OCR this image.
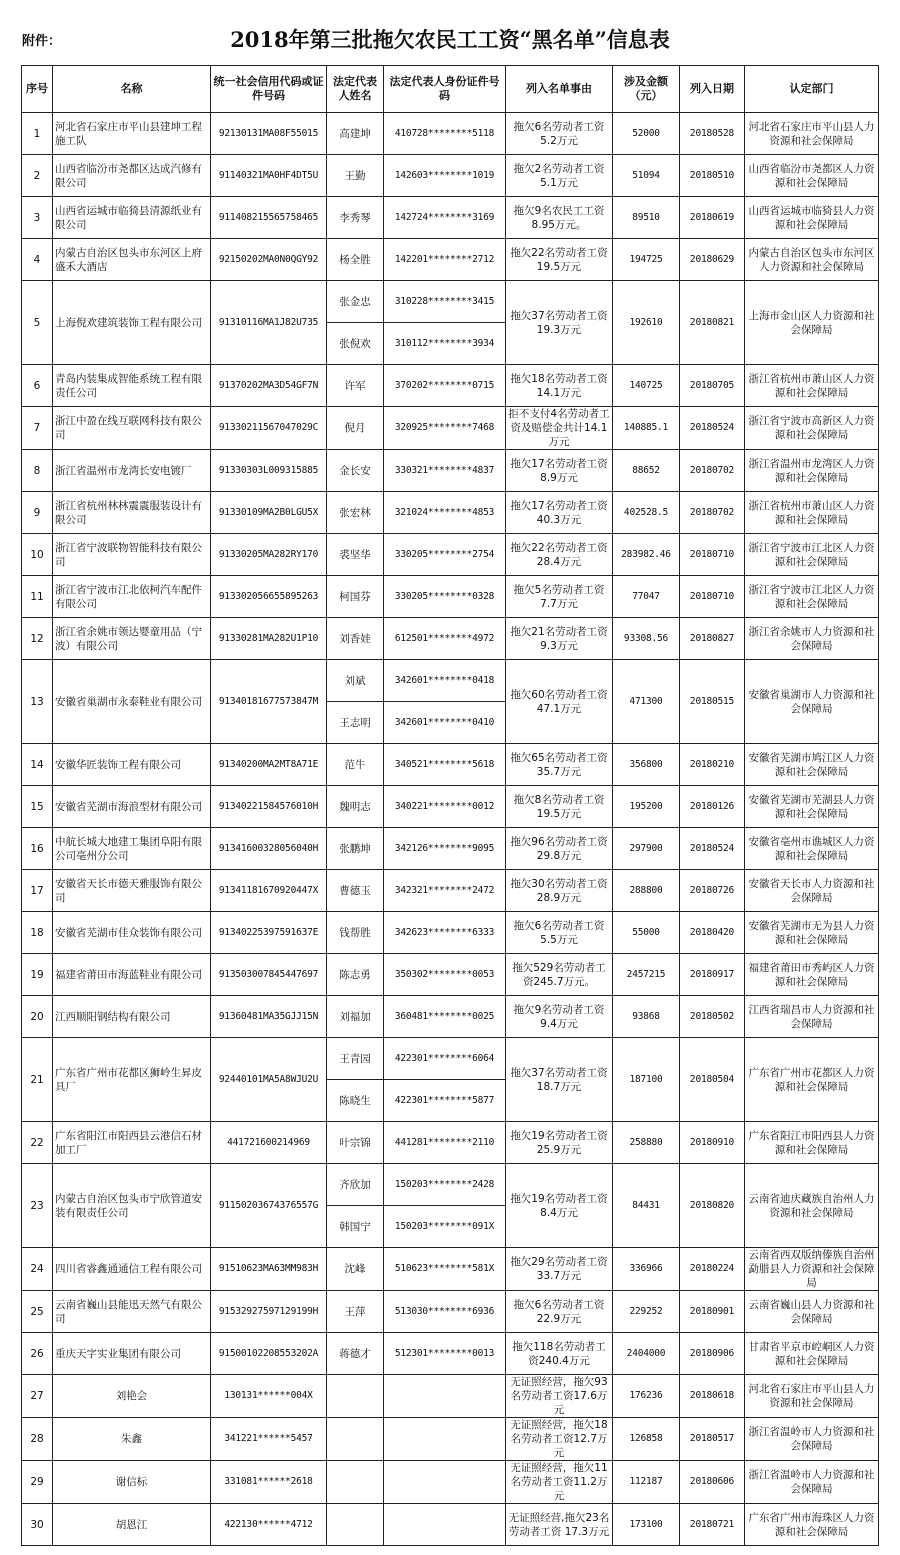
附件：	2018年第三批拖欠农民工工资“黑名单”信息表
序号	名称	统一社会信用代码或证件号码	法定代表人姓名	法定代表人身份证件号码	列入名单事由	涉及金额（元）	列入日期	认定部门
1	河北省石家庄市平山县建坤工程施工队	92130131MA08F55015	高建坤	410728********5118	拖欠6名劳动者工资5.2万元	52000	20180528	河北省石家庄市平山县人力资源和社会保障局
2	山西省临汾市尧都区达成汽修有限公司	91140321MA0HF4DT5U	王勤	142603********1019	拖欠2名劳动者工资5.1万元	51094	20180510	山西省临汾市尧都区人力资源和社会保障局
3	山西省运城市临猗县清源纸业有限公司	91140821556575846​5	李秀琴	142724********3169	拖欠9名农民工工资8.95万元。	89510	20180619	山西省运城市临猗县人力资源和社会保障局
4	内蒙古自治区包头市东河区上府盛禾大酒店	92150202MA0N0QGY92	杨全胜	142201********2712	拖欠22名劳动者工资19.5万元	194725	20180629	内蒙古自治区包头市东河区人力资源和社会保障局
5	上海倪欢建筑装饰工程有限公司	91310116MA1J82U735	张金忠	310228********3415	拖欠37名劳动者工资19.3万元	192610	20180821	上海市金山区人力资源和社会保障局
			张倪欢	310112********3934				
6	青岛内装集成智能系统工程有限责任公司	91370202MA3D54GF7N	许军	370202********0715	拖欠18名劳动者工资14.1万元	140725	20180705	浙江省杭州市萧山区人力资源和社会保障局
7	浙江中盈在线互联网科技有限公司	91330211567047029C	倪月	320925********7468	拒不支付4名劳动者工资及赔偿金共计14.1万元	140885.1	20180524	浙江省宁波市高新区人力资源和社会保障局
8	浙江省温州市龙湾长安电镀厂	91330303L009315885	金长安	330321********4837	拖欠17名劳动者工资8.9万元	88652	20180702	浙江省温州市龙湾区人力资源和社会保障局
9	浙江省杭州林林震震服装设计有限公司	91330109MA2B0LGU5X	张宏林	321024********4853	拖欠17名劳动者工资40.3万元	402528.5	20180702	浙江省杭州市萧山区人力资源和社会保障局
10	浙江省宁波联物智能科技有限公司	91330205MA282RY170	裘坚华	330205********2754	拖欠22名劳动者工资28.4万元	283982.46	20180710	浙江省宁波市江北区人力资源和社会保障局
11	浙江省宁波市江北依柯汽车配件有限公司	91330205665589526​3	柯国芬	330205********0328	拖欠5名劳动者工资7.7万元	77047	20180710	浙江省宁波市江北区人力资源和社会保障局
12	浙江省余姚市领达婴童用品（宁波）有限公司	91330281MA282U1P10	刘香娃	612501********4972	拖欠21名劳动者工资9.3万元	93308.56	20180827	浙江省余姚市人力资源和社会保障局
13	安徽省巢湖市永泰鞋业有限公司	91340181677573847M	刘斌	342601********0418	拖欠60名劳动者工资47.1万元	471300	20180515	安徽省巢湖市人力资源和社会保障局
			王志明	342601********0410				
14	安徽华匠装饰工程有限公司	91340200MA2MT8A71E	范牛	340521********5618	拖欠65名劳动者工资35.7万元	356800	20180210	安徽省芜湖市鸠江区人力资源和社会保障局
15	安徽省芜湖市海浪型材有限公司	91340221584576010H	魏明志	340221********0012	拖欠8名劳动者工资19.5万元	195200	20180126	安徽省芜湖市芜湖县人力资源和社会保障局
16	中航长城大地建工集团阜阳有限公司亳州分公司	91341600328056040H	张鹏坤	342126********9095	拖欠96名劳动者工资29.8万元	297900	20180524	安徽省亳州市谯城区人力资源和社会保障局
17	安徽省天长市德天雅服饰有限公司	91341181670920447X	曹德玉	342321********2472	拖欠30名劳动者工资28.9万元	288800	20180726	安徽省天长市人力资源和社会保障局
18	安徽省芜湖市佳众装饰有限公司	91340225397591637E	钱帮胜	342623********6333	拖欠6名劳动者工资5.5万元	55000	20180420	安徽省芜湖市无为县人力资源和社会保障局
19	福建省莆田市海蓝鞋业有限公司	91350300784544769​7	陈志勇	350302********0053	拖欠529名劳动者工资245.7万元。	2457215	20180917	福建省莆田市秀屿区人力资源和社会保障局
20	江西顺阳钢结构有限公司	91360481MA35GJJ15N	刘福加	360481********0025	拖欠9名劳动者工资9.4万元	93868	20180502	江西省瑞昌市人力资源和社会保障局
21	广东省广州市花都区狮岭生昇皮具厂	92440101MA5A8WJU2U	王青园	422301********6064	拖欠37名劳动者工资18.7万元	187100	20180504	广东省广州市花都区人力资源和社会保障局
			陈晓生	422301********5877				
22	广东省阳江市阳西县云港信石材加工厂	441721600214969	叶宗锦	441281********2110	拖欠19名劳动者工资25.9万元	258880	20180910	广东省阳江市阳西县人力资源和社会保障局
23	内蒙古自治区包头市宁欣管道安装有限责任公司	91150203674376557G	齐欣加	150203********2428	拖欠19名劳动者工资8.4万元	84431	20180820	云南省迪庆藏族自治州人力资源和社会保障局
			韩国宁	150203********091X				
24	四川省睿鑫通通信工程有限公司	91510623MA63MM983H	沈峰	510623********581X	拖欠29名劳动者工资33.7万元	336966	20180224	云南省西双版纳傣族自治州勐腊县人力资源和社会保障局
25	云南省巍山县能迅天然气有限公司	91532927597129199H	王萍	513030********6936	拖欠6名劳动者工资22.9万元	229252	20180901	云南省巍山县人力资源和社会保障局
26	重庆天字实业集团有限公司	91500102208553202A	蒋德才	512301********0013	拖欠118名劳动者工资240.4万元	2404000	20180906	甘肃省平京市崆峒区人力资源和社会保障局
27	刘艳会	130131******004X			无证照经营，拖欠93名劳动者工资17.6万元	176236	20180618	河北省石家庄市平山县人力资源和社会保障局
28	朱鑫	341221******5457			无证照经营，拖欠18名劳动者工资12.7万元	126858	20180517	浙江省温岭市人力资源和社会保障局
29	谢信标	331081******2618			无证照经营，拖欠11名劳动者工资11.2万元	112187	20180606	浙江省温岭市人力资源和社会保障局
30	胡恩江	422130******4712			无证照经营,拖欠23名劳动者工资 17.3万元	173100	20180721	广东省广州市海珠区人力资源和社会保障局
